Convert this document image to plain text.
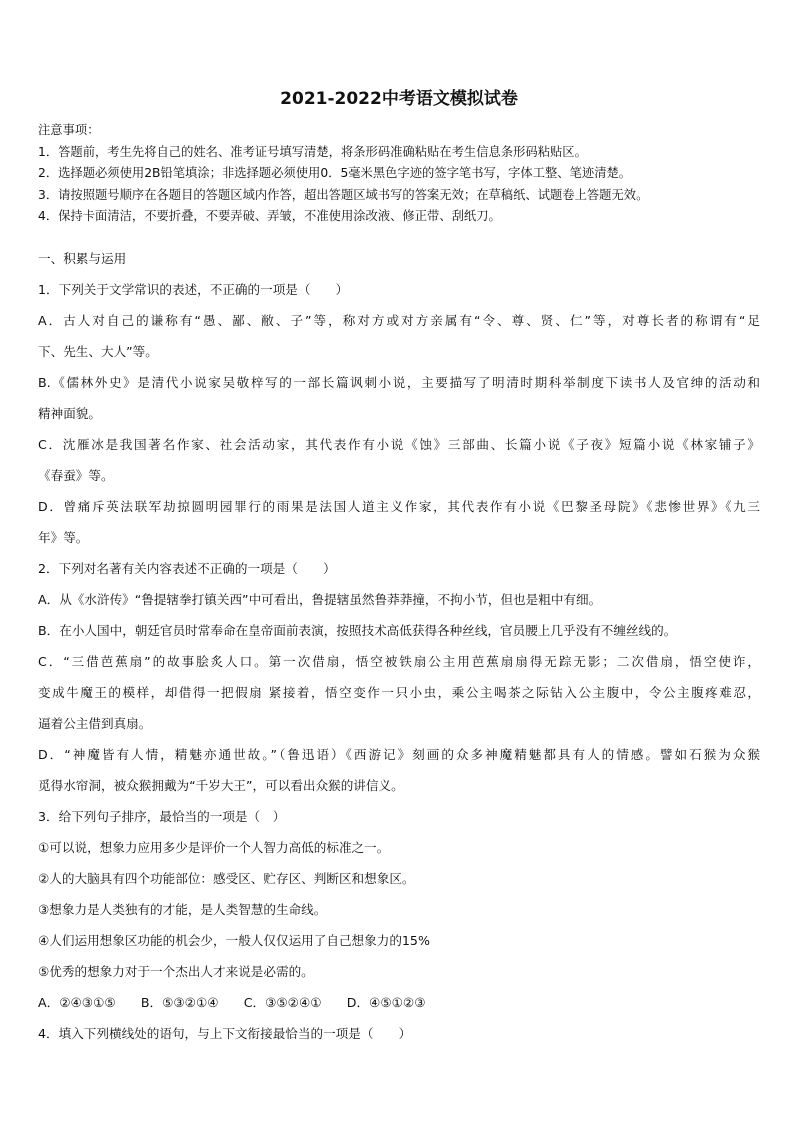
2021-2022中考语文模拟试卷
注意事项：
1．答题前，考生先将自己的姓名、准考证号填写清楚，将条形码准确粘贴在考生信息条形码粘贴区。
2．选择题必须使用2B铅笔填涂；非选择题必须使用0．5毫米黑色字迹的签字笔书写，字体工整、笔迹清楚。
3．请按照题号顺序在各题目的答题区域内作答，超出答题区域书写的答案无效；在草稿纸、试题卷上答题无效。
4．保持卡面清洁，不要折叠，不要弄破、弄皱，不准使用涂改液、修正带、刮纸刀。
一、积累与运用
1．下列关于文学常识的表述，不正确的一项是（　　）
A．古人对自己的谦称有“愚、鄙、敝、子”等，称对方或对方亲属有“令、尊、贤、仁”等，对尊长者的称谓有“足
下、先生、大人”等。
B.《儒林外史》是清代小说家吴敬梓写的一部长篇讽刺小说，主要描写了明清时期科举制度下读书人及官绅的活动和
精神面貌。
C．沈雁冰是我国著名作家、社会活动家，其代表作有小说《蚀》三部曲、长篇小说《子夜》短篇小说《林家铺子》
《春蚕》等。
D．曾痛斥英法联军劫掠圆明园罪行的雨果是法国人道主义作家，其代表作有小说《巴黎圣母院》《悲惨世界》《九三
年》等。
2．下列对名著有关内容表述不正确的一项是（　　）
A．从《水浒传》“鲁提辖拳打镇关西”中可看出，鲁提辖虽然鲁莽莽撞，不拘小节，但也是粗中有细。
B．在小人国中，朝廷官员时常奉命在皇帝面前表演，按照技术高低获得各种丝线，官员腰上几乎没有不缠丝线的。
C．“三借芭蕉扇”的故事脍炙人口。第一次借扇，悟空被铁扇公主用芭蕉扇扇得无踪无影；二次借扇，悟空使诈，
变成牛魔王的模样，却借得一把假扇 紧接着，悟空变作一只小虫，乘公主喝茶之际钻入公主腹中，令公主腹疼难忍，
逼着公主借到真扇。
D．“神魔皆有人情，精魅亦通世故。”（鲁迅语）《西游记》刻画的众多神魔精魅都具有人的情感。譬如石猴为众猴
觅得水帘洞，被众猴拥戴为“千岁大王”，可以看出众猴的讲信义。
3．给下列句子排序，最恰当的一项是（　）
①可以说，想象力应用多少是评价一个人智力高低的标准之一。
②人的大脑具有四个功能部位：感受区、贮存区、判断区和想象区。
③想象力是人类独有的才能，是人类智慧的生命线。
④人们运用想象区功能的机会少，一般人仅仅运用了自己想象力的15%
⑤优秀的想象力对于一个杰出人才来说是必需的。
A．②④③①⑤　　B．⑤③②①④　　C．③⑤②④①　　D．④⑤①②③
4．填入下列横线处的语句，与上下文衔接最恰当的一项是（　　）
